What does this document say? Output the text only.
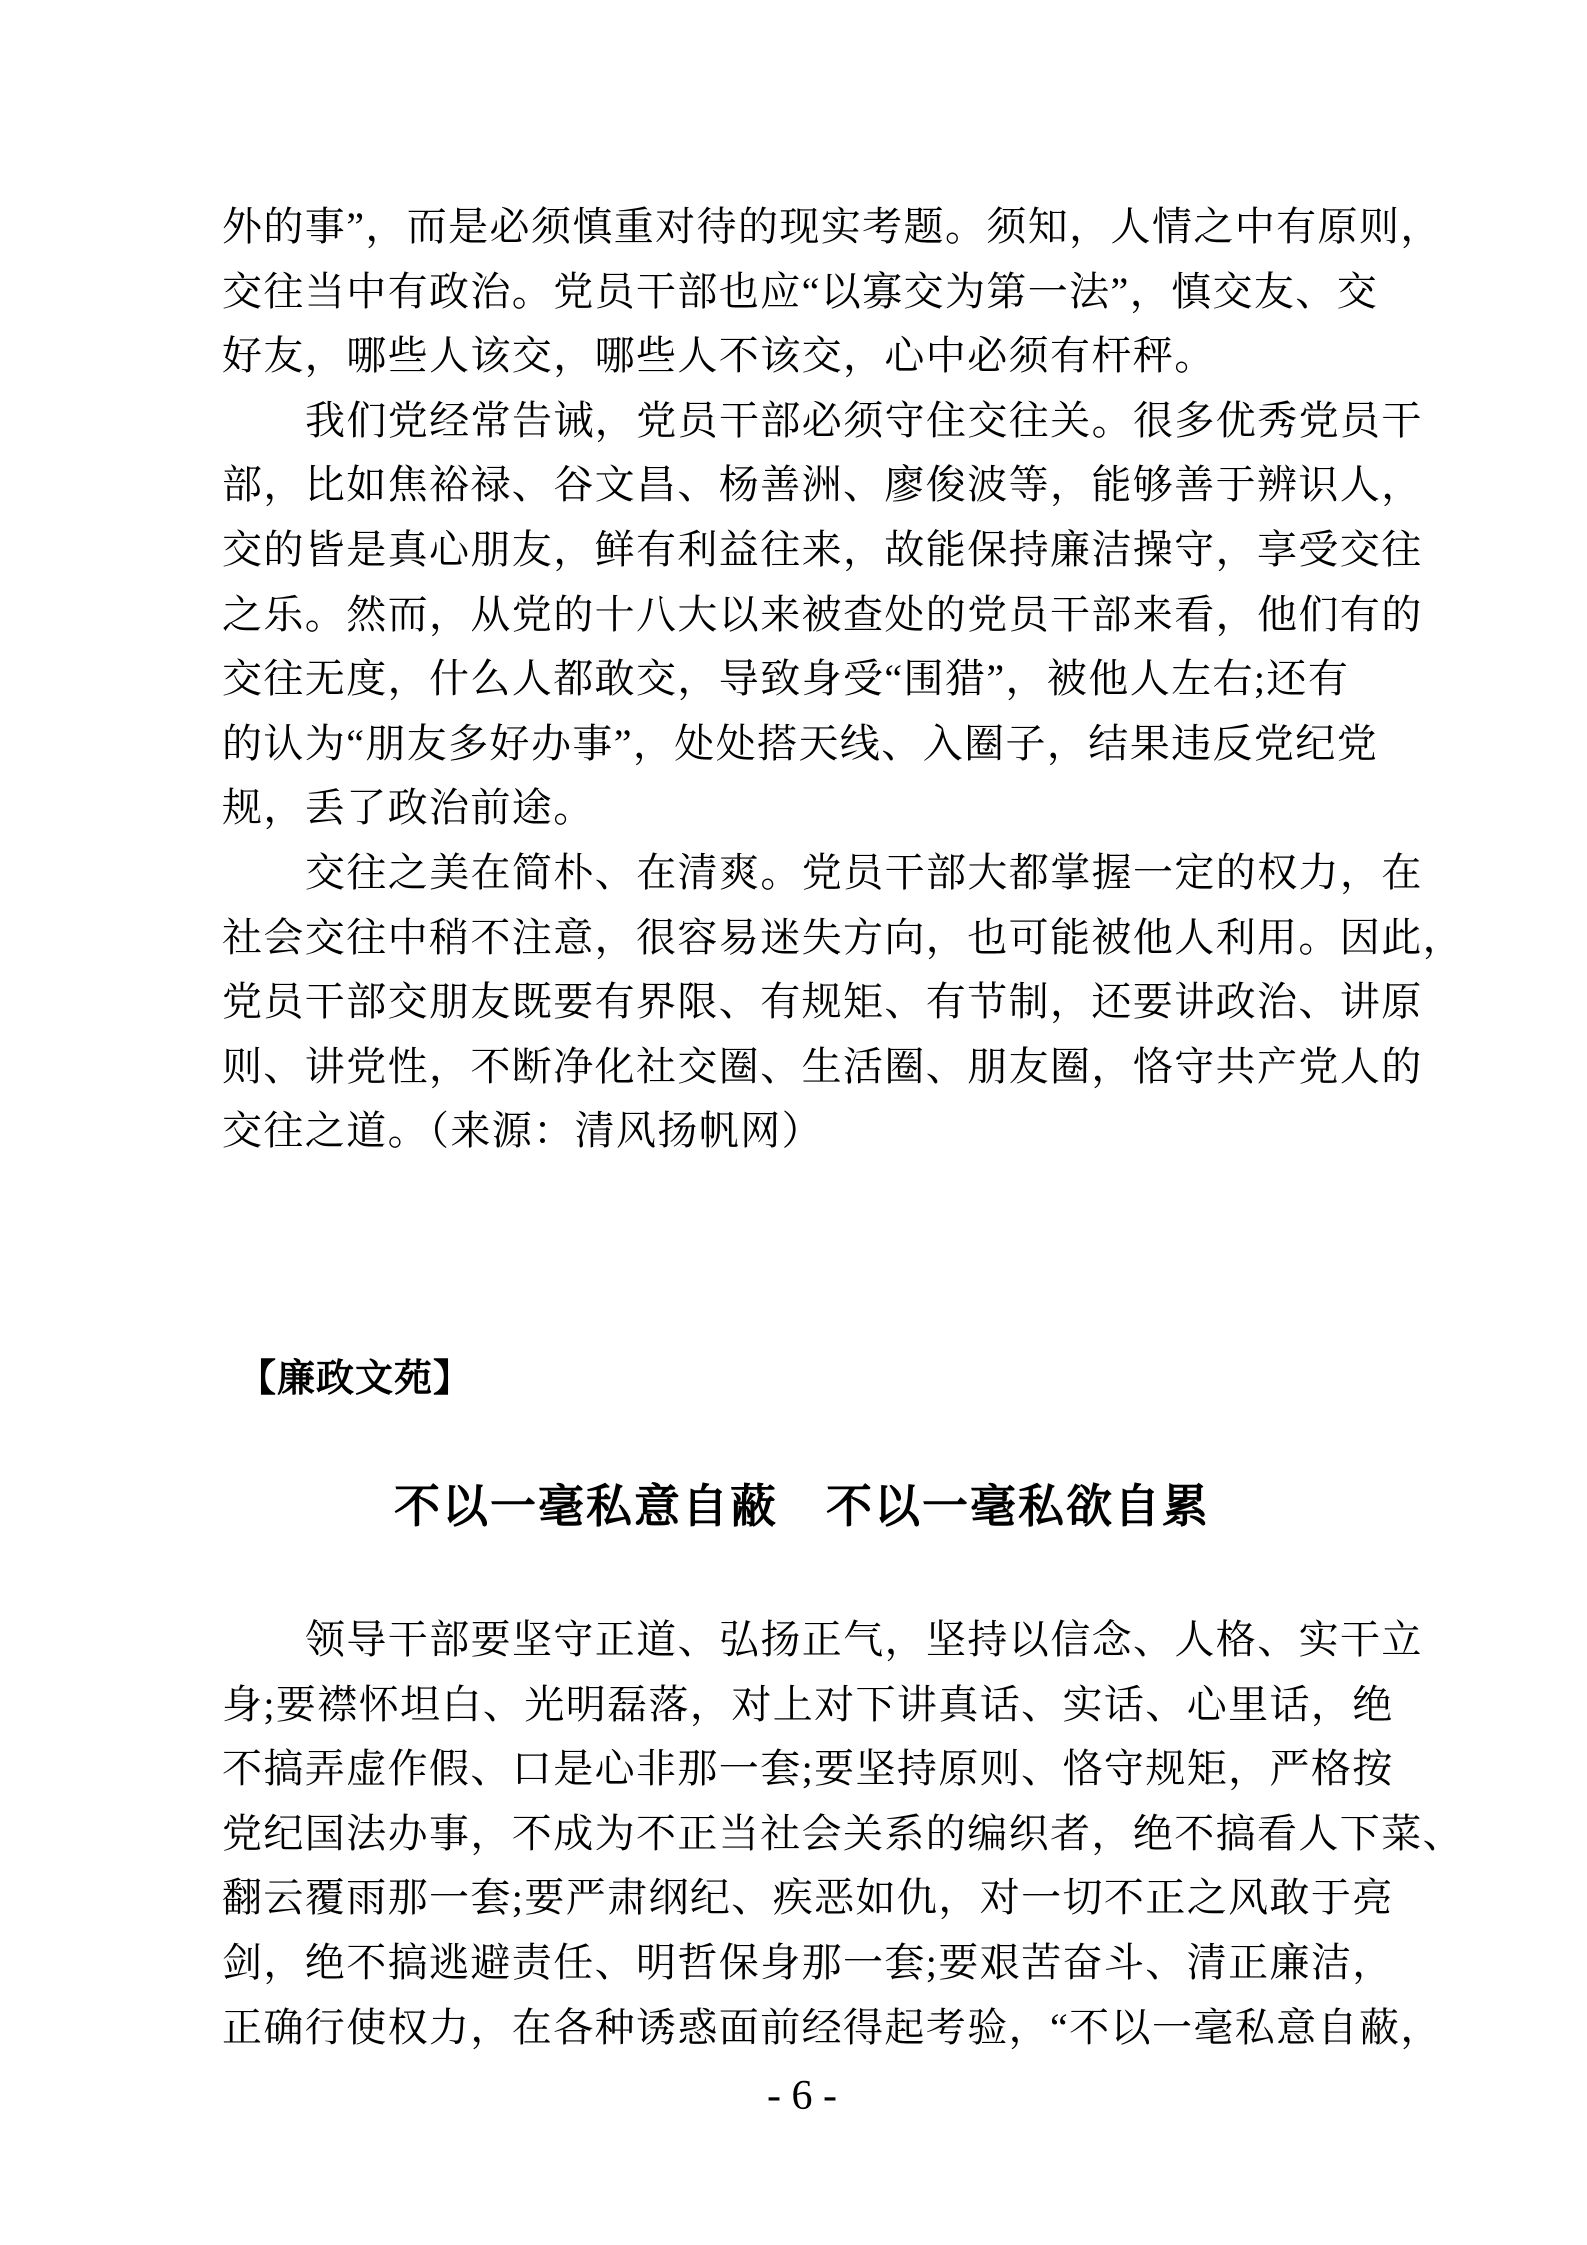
外的事”，而是必须慎重对待的现实考题。须知，人情之中有原则，
交往当中有政治。党员干部也应“以寡交为第一法”，慎交友、交
好友，哪些人该交，哪些人不该交，心中必须有杆秤。
我们党经常告诫，党员干部必须守住交往关。很多优秀党员干
部，比如焦裕禄、谷文昌、杨善洲、廖俊波等，能够善于辨识人，
交的皆是真心朋友，鲜有利益往来，故能保持廉洁操守，享受交往
之乐。然而，从党的十八大以来被查处的党员干部来看，他们有的
交往无度，什么人都敢交，导致身受“围猎”，被他人左右;还有
的认为“朋友多好办事”，处处搭天线、入圈子，结果违反党纪党
规，丢了政治前途。
交往之美在简朴、在清爽。党员干部大都掌握一定的权力，在
社会交往中稍不注意，很容易迷失方向，也可能被他人利用。因此，
党员干部交朋友既要有界限、有规矩、有节制，还要讲政治、讲原
则、讲党性，不断净化社交圈、生活圈、朋友圈，恪守共产党人的
交往之道。（来源：清风扬帆网）
【廉政文苑】
不以一毫私意自蔽　不以一毫私欲自累
领导干部要坚守正道、弘扬正气，坚持以信念、人格、实干立
身;要襟怀坦白、光明磊落，对上对下讲真话、实话、心里话，绝
不搞弄虚作假、口是心非那一套;要坚持原则、恪守规矩，严格按
党纪国法办事，不成为不正当社会关系的编织者，绝不搞看人下菜、
翻云覆雨那一套;要严肃纲纪、疾恶如仇，对一切不正之风敢于亮
剑，绝不搞逃避责任、明哲保身那一套;要艰苦奋斗、清正廉洁，
正确行使权力，在各种诱惑面前经得起考验，“不以一毫私意自蔽，
- 6 -
